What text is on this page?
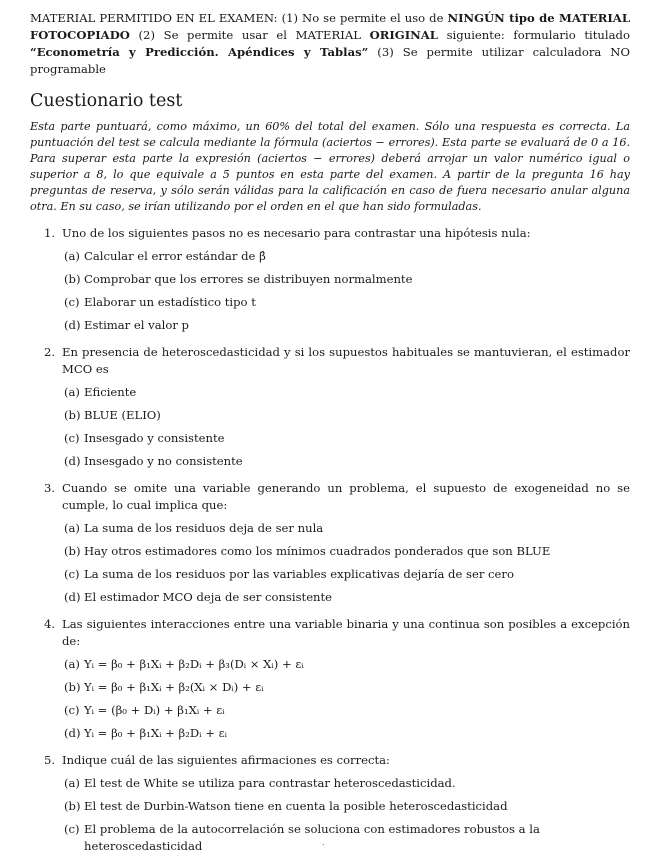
MATERIAL PERMITIDO EN EL EXAMEN: (1) No se permite el uso de NINGÚN tipo de MATERIAL FOTOCOPIADO (2) Se permite usar el MATERIAL ORIGINAL siguiente: formulario titulado “Econometría y Predicción. Apéndices y Tablas” (3) Se permite utilizar calculadora NO programable
Cuestionario test

Esta parte puntuará, como máximo, un 60% del total del examen. Sólo una respuesta es correcta. La puntuación del test se calcula mediante la fórmula (aciertos − errores). Esta parte se evaluará de 0 a 16. Para superar esta parte la expresión (aciertos − errores) deberá arrojar un valor numérico igual o superior a 8, lo que equivale a 5 puntos en esta parte del examen. A partir de la pregunta 16 hay preguntas de reserva, y sólo serán válidas para la calificación en caso de fuera necesario anular alguna otra. En su caso, se irían utilizando por el orden en el que han sido formuladas.

1. Uno de los siguientes pasos no es necesario para contrastar una hipótesis nula:
(a) Calcular el error estándar de β̂
(b) Comprobar que los errores se distribuyen normalmente
(c) Elaborar un estadístico tipo t
(d) Estimar el valor p
2. En presencia de heteroscedasticidad y si los supuestos habituales se mantuvieran, el estimador MCO es
(a) Eficiente
(b) BLUE (ELIO)
(c) Insesgado y consistente
(d) Insesgado y no consistente
3. Cuando se omite una variable generando un problema, el supuesto de exogeneidad no se cumple, lo cual implica que:
(a) La suma de los residuos deja de ser nula
(b) Hay otros estimadores como los mínimos cuadrados ponderados que son BLUE
(c) La suma de los residuos por las variables explicativas dejaría de ser cero
(d) El estimador MCO deja de ser consistente
4. Las siguientes interacciones entre una variable binaria y una continua son posibles a excepción de:
(a) Yᵢ = β₀ + β₁Xᵢ + β₂Dᵢ + β₃(Dᵢ × Xᵢ) + εᵢ
(b) Yᵢ = β₀ + β₁Xᵢ + β₂(Xᵢ × Dᵢ) + εᵢ
(c) Yᵢ = (β₀ + Dᵢ) + β₁Xᵢ + εᵢ
(d) Yᵢ = β₀ + β₁Xᵢ + β₂Dᵢ + εᵢ
5. Indique cuál de las siguientes afirmaciones es correcta:
(a) El test de White se utiliza para contrastar heteroscedasticidad.
(b) El test de Durbin-Watson tiene en cuenta la posible heteroscedasticidad
(c) El problema de la autocorrelación se soluciona con estimadores robustos a la heteroscedasticidad	.
